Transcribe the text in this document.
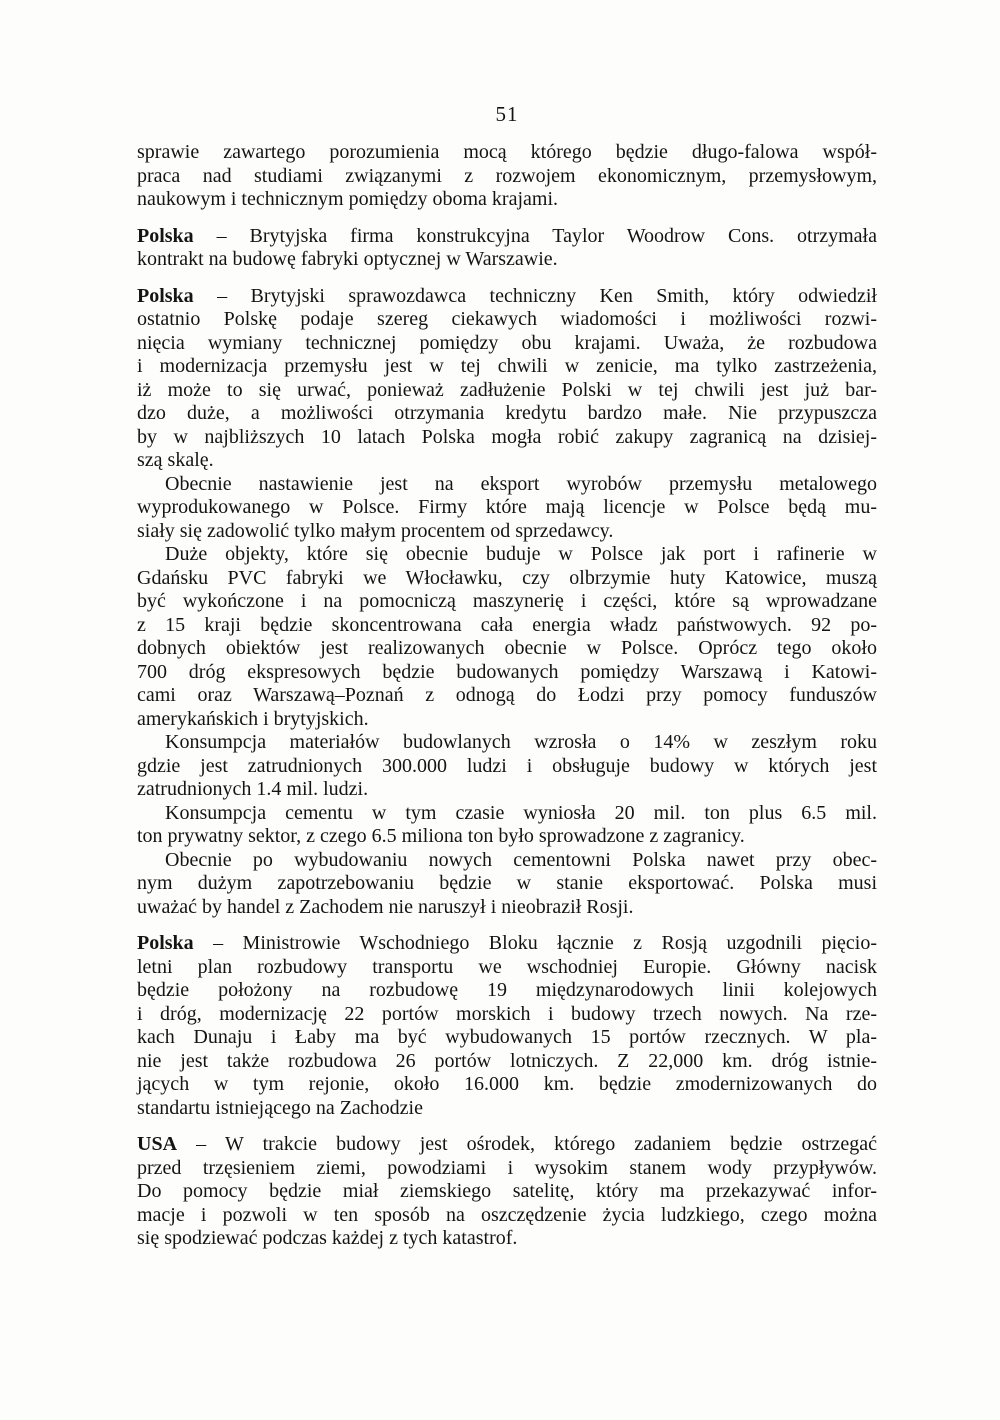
51
sprawie zawartego porozumienia mocą którego będzie długo-falowa współ-
praca nad studiami związanymi z rozwojem ekonomicznym, przemysłowym,
naukowym i technicznym pomiędzy oboma krajami.
Polska – Brytyjska firma konstrukcyjna Taylor Woodrow Cons. otrzymała
kontrakt na budowę fabryki optycznej w Warszawie.
Polska – Brytyjski sprawozdawca techniczny Ken Smith, który odwiedził
ostatnio Polskę podaje szereg ciekawych wiadomości i możliwości rozwi-
nięcia wymiany technicznej pomiędzy obu krajami. Uważa, że rozbudowa
i modernizacja przemysłu jest w tej chwili w zenicie, ma tylko zastrzeżenia,
iż może to się urwać, ponieważ zadłużenie Polski w tej chwili jest już bar-
dzo duże, a możliwości otrzymania kredytu bardzo małe. Nie przypuszcza
by w najbliższych 10 latach Polska mogła robić zakupy zagranicą na dzisiej-
szą skalę.
Obecnie nastawienie jest na eksport wyrobów przemysłu metalowego
wyprodukowanego w Polsce. Firmy które mają licencje w Polsce będą mu-
siały się zadowolić tylko małym procentem od sprzedawcy.
Duże objekty, które się obecnie buduje w Polsce jak port i rafinerie w
Gdańsku PVC fabryki we Włocławku, czy olbrzymie huty Katowice, muszą
być wykończone i na pomocniczą maszynerię i części, które są wprowadzane
z 15 kraji będzie skoncentrowana cała energia władz państwowych. 92 po-
dobnych obiektów jest realizowanych obecnie w Polsce. Oprócz tego około
700 dróg ekspresowych będzie budowanych pomiędzy Warszawą i Katowi-
cami oraz Warszawą–Poznań z odnogą do Łodzi przy pomocy funduszów
amerykańskich i brytyjskich.
Konsumpcja materiałów budowlanych wzrosła o 14% w zeszłym roku
gdzie jest zatrudnionych 300.000 ludzi i obsługuje budowy w których jest
zatrudnionych 1.4 mil. ludzi.
Konsumpcja cementu w tym czasie wyniosła 20 mil. ton plus 6.5 mil.
ton prywatny sektor, z czego 6.5 miliona ton było sprowadzone z zagranicy.
Obecnie po wybudowaniu nowych cementowni Polska nawet przy obec-
nym dużym zapotrzebowaniu będzie w stanie eksportować. Polska musi
uważać by handel z Zachodem nie naruszył i nieobraził Rosji.
Polska – Ministrowie Wschodniego Bloku łącznie z Rosją uzgodnili pięcio-
letni plan rozbudowy transportu we wschodniej Europie. Główny nacisk
będzie położony na rozbudowę 19 międzynarodowych linii kolejowych
i dróg, modernizację 22 portów morskich i budowy trzech nowych. Na rze-
kach Dunaju i Łaby ma być wybudowanych 15 portów rzecznych. W pla-
nie jest także rozbudowa 26 portów lotniczych. Z 22,000 km. dróg istnie-
jących w tym rejonie, około 16.000 km. będzie zmodernizowanych do
standartu istniejącego na Zachodzie
USA – W trakcie budowy jest ośrodek, którego zadaniem będzie ostrzegać
przed trzęsieniem ziemi, powodziami i wysokim stanem wody przypływów.
Do pomocy będzie miał ziemskiego satelitę, który ma przekazywać infor-
macje i pozwoli w ten sposób na oszczędzenie życia ludzkiego, czego można
się spodziewać podczas każdej z tych katastrof.
